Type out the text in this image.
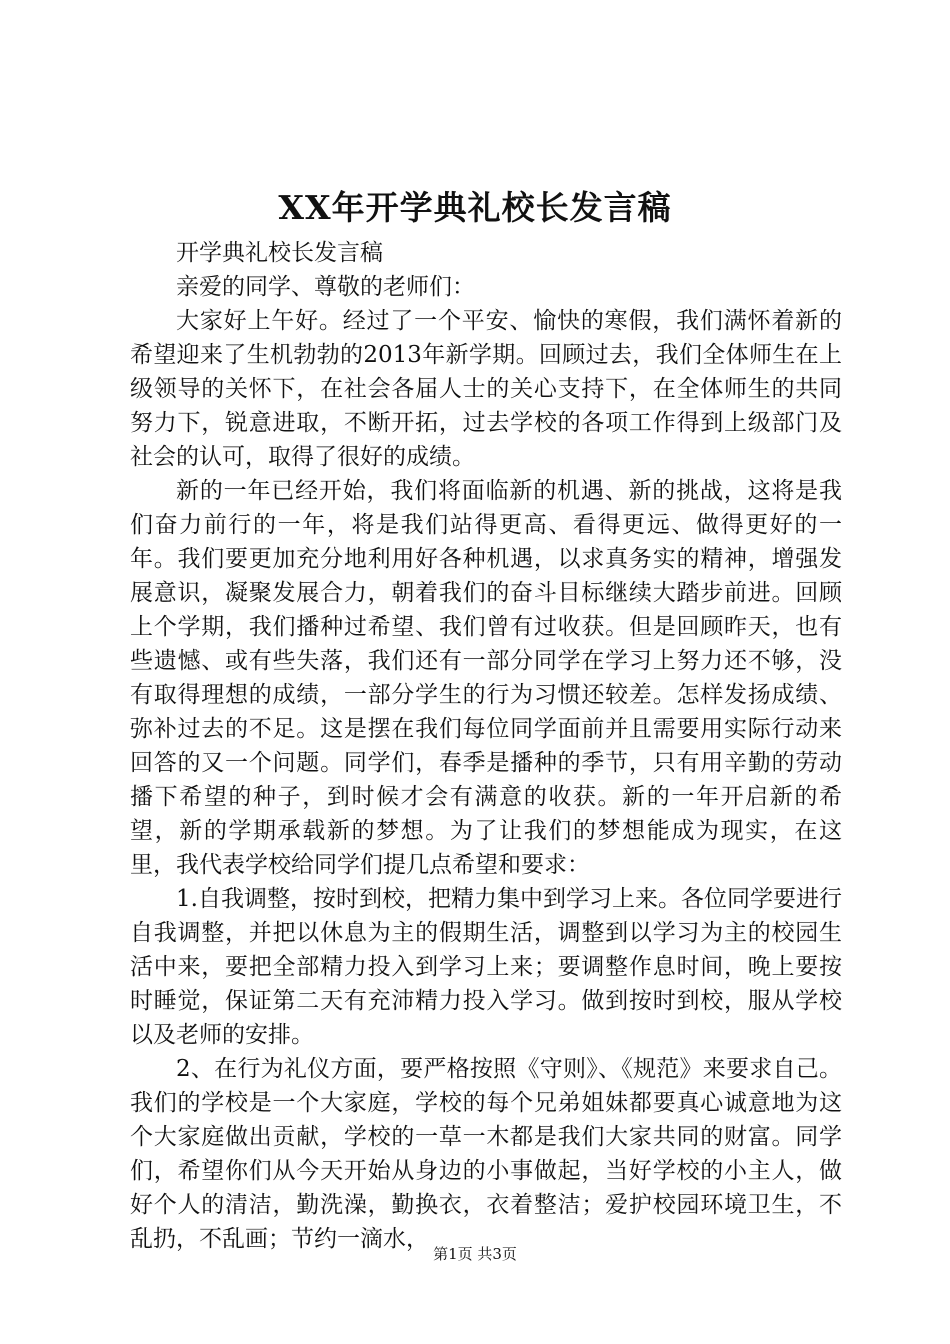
XX年开学典礼校长发言稿

开学典礼校长发言稿

亲爱的同学、尊敬的老师们：

大家好上午好。经过了一个平安、愉快的寒假，我们满怀着新的希望迎来了生机勃勃的2013年新学期。回顾过去，我们全体师生在上级领导的关怀下，在社会各届人士的关心支持下，在全体师生的共同努力下，锐意进取，不断开拓，过去学校的各项工作得到上级部门及社会的认可，取得了很好的成绩。

新的一年已经开始，我们将面临新的机遇、新的挑战，这将是我们奋力前行的一年，将是我们站得更高、看得更远、做得更好的一年。我们要更加充分地利用好各种机遇，以求真务实的精神，增强发展意识，凝聚发展合力，朝着我们的奋斗目标继续大踏步前进。回顾上个学期，我们播种过希望、我们曾有过收获。但是回顾昨天，也有些遗憾、或有些失落，我们还有一部分同学在学习上努力还不够，没有取得理想的成绩，一部分学生的行为习惯还较差。怎样发扬成绩、弥补过去的不足。这是摆在我们每位同学面前并且需要用实际行动来回答的又一个问题。同学们，春季是播种的季节，只有用辛勤的劳动播下希望的种子，到时候才会有满意的收获。新的一年开启新的希望，新的学期承载新的梦想。为了让我们的梦想能成为现实，在这里，我代表学校给同学们提几点希望和要求：

1.自我调整，按时到校，把精力集中到学习上来。各位同学要进行自我调整，并把以休息为主的假期生活，调整到以学习为主的校园生活中来，要把全部精力投入到学习上来；要调整作息时间，晚上要按时睡觉，保证第二天有充沛精力投入学习。做到按时到校，服从学校以及老师的安排。

2、在行为礼仪方面，要严格按照《守则》、《规范》来要求自己。我们的学校是一个大家庭，学校的每个兄弟姐妹都要真心诚意地为这个大家庭做出贡献，学校的一草一木都是我们大家共同的财富。同学们，希望你们从今天开始从身边的小事做起，当好学校的小主人，做好个人的清洁，勤洗澡，勤换衣，衣着整洁；爱护校园环境卫生，不乱扔，不乱画；节约一滴水，

第1页 共3页
